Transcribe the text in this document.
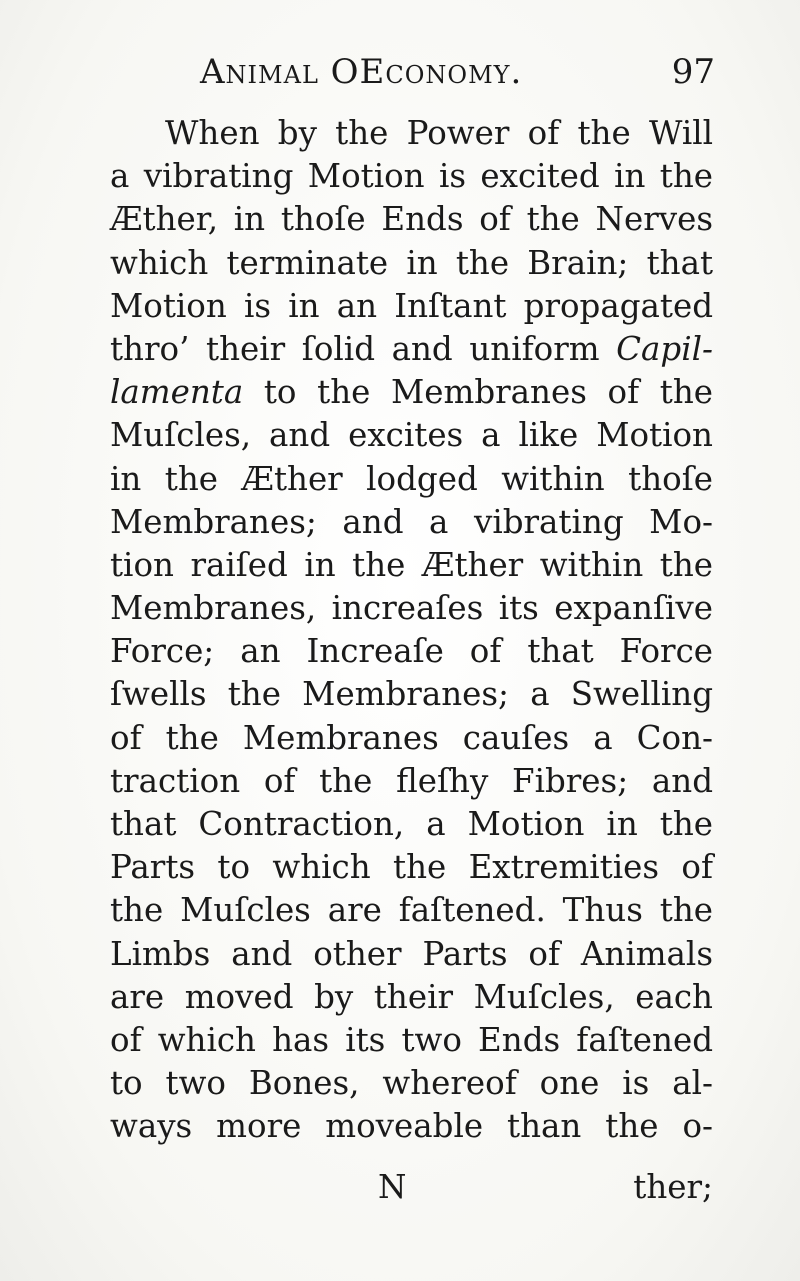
Animal OEconomy.	97
When by the Power of the Will
a vibrating Motion is excited in the
Æther, in thoſe Ends of the Nerves
which terminate in the Brain; that
Motion is in an Inſtant propagated
thro’ their ſolid and uniform Capil-
lamenta to the Membranes of the
Muſcles, and excites a like Motion
in the Æther lodged within thoſe
Membranes; and a vibrating Mo-
tion raiſed in the Æther within the
Membranes, increaſes its expanſive
Force; an Increaſe of that Force
ſwells the Membranes; a Swelling
of the Membranes cauſes a Con-
traction of the fleſhy Fibres; and
that Contraction, a Motion in the
Parts to which the Extremities of
the Muſcles are faſtened. Thus the
Limbs and other Parts of Animals
are moved by their Muſcles, each
of which has its two Ends faſtened
to two Bones, whereof one is al-
ways more moveable than the o-
N	ther;
